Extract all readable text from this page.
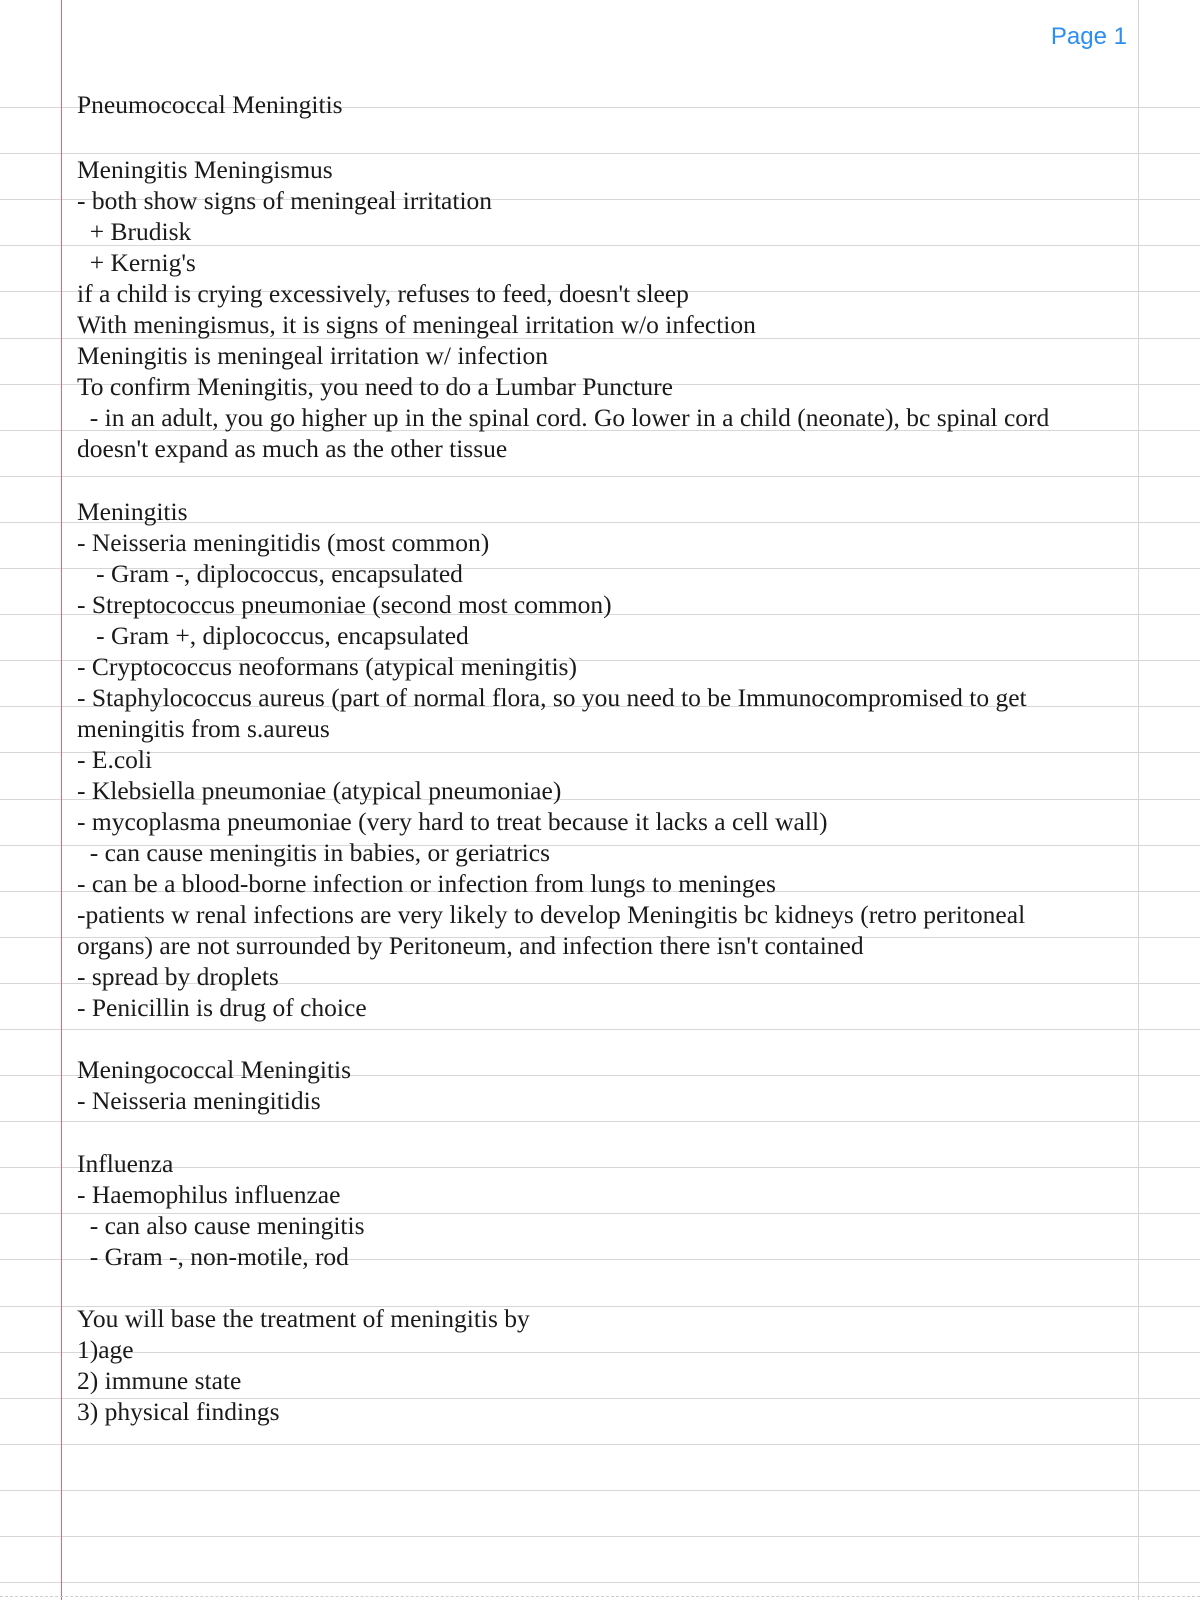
Page 1
Pneumococcal Meningitis
Meningitis Meningismus
- both show signs of meningeal irritation
+ Brudisk
+ Kernig's
if a child is crying excessively, refuses to feed, doesn't sleep
With meningismus, it is signs of meningeal irritation w/o infection
Meningitis is meningeal irritation w/ infection
To confirm Meningitis, you need to do a Lumbar Puncture
- in an adult, you go higher up in the spinal cord. Go lower in a child (neonate), bc spinal cord doesn't expand as much as the other tissue
Meningitis
- Neisseria meningitidis (most common)
- Gram -, diplococcus, encapsulated
- Streptococcus pneumoniae (second most common)
- Gram +, diplococcus, encapsulated
- Cryptococcus neoformans (atypical meningitis)
- Staphylococcus aureus (part of normal flora, so you need to be Immunocompromised to get meningitis from s.aureus
- E.coli
- Klebsiella pneumoniae (atypical pneumoniae)
- mycoplasma pneumoniae (very hard to treat because it lacks a cell wall)
- can cause meningitis in babies, or geriatrics
- can be a blood-borne infection or infection from lungs to meninges
-patients w renal infections are very likely to develop Meningitis bc kidneys (retro peritoneal organs) are not surrounded by Peritoneum, and infection there isn't contained
- spread by droplets
- Penicillin is drug of choice
Meningococcal Meningitis
- Neisseria meningitidis
Influenza
- Haemophilus influenzae
- can also cause meningitis
- Gram -, non-motile, rod
You will base the treatment of meningitis by
1)age
2) immune state
3) physical findings
